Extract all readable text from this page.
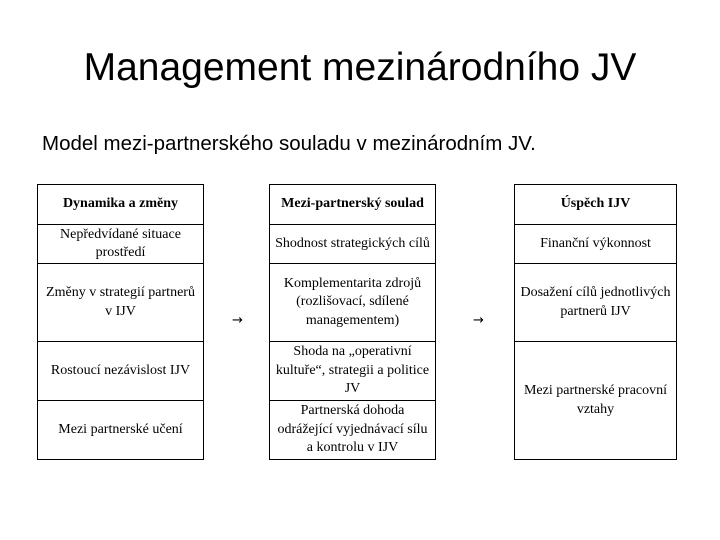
Management mezinárodního JV
Model mezi-partnerského souladu v mezinárodním JV.
Dynamika a změny
Nepředvídané situace prostředí
Změny v strategií partnerů v IJV
Rostoucí nezávislost IJV
Mezi partnerské učení
→
Mezi-partnerský soulad
Shodnost strategických cílů
Komplementarita zdrojů (rozlišovací, sdílené managementem)
Shoda na „operativní kultuře“, strategii a politice JV
Partnerská dohoda odrážející vyjednávací sílu a kontrolu v IJV
→
Úspěch IJV
Finanční výkonnost
Dosažení cílů jednotlivých partnerů IJV
Mezi partnerské pracovní vztahy
